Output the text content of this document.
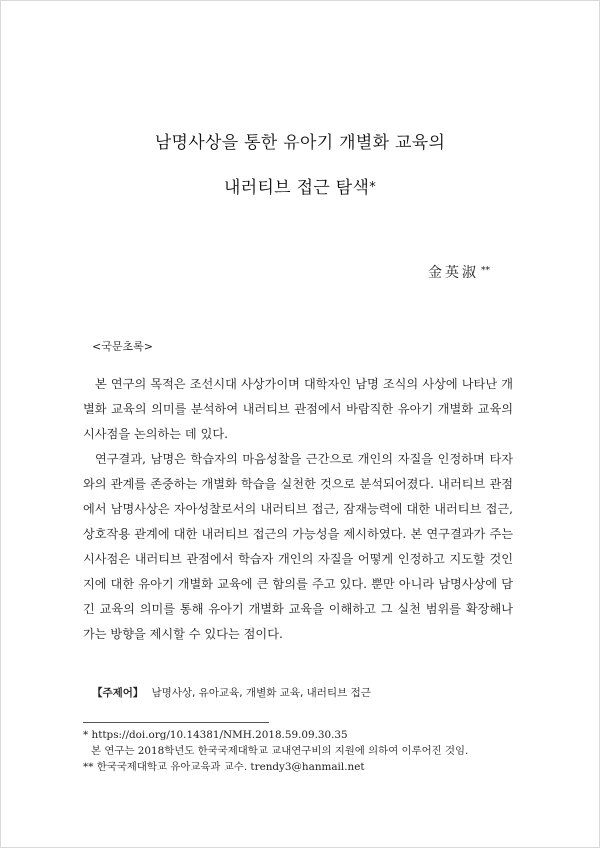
남명사상을 통한 유아기 개별화 교육의
내러티브 접근 탐색*
金英淑 **
<국문초록>

본 연구의 목적은 조선시대 사상가이며 대학자인 남명 조식의 사상에 나타난 개별화 교육의 의미를 분석하여 내러티브 관점에서 바람직한 유아기 개별화 교육의 시사점을 논의하는 데 있다.

연구결과, 남명은 학습자의 마음성찰을 근간으로 개인의 자질을 인정하며 타자와의 관계를 존중하는 개별화 학습을 실천한 것으로 분석되어졌다. 내러티브 관점에서 남명사상은 자아성찰로서의 내러티브 접근, 잠재능력에 대한 내러티브 접근, 상호작용 관계에 대한 내러티브 접근의 가능성을 제시하였다. 본 연구결과가 주는 시사점은 내러티브 관점에서 학습자 개인의 자질을 어떻게 인정하고 지도할 것인지에 대한 유아기 개별화 교육에 큰 함의를 주고 있다. 뿐만 아니라 남명사상에 담긴 교육의 의미를 통해 유아기 개별화 교육을 이해하고 그 실천 범위를 확장해나가는 방향을 제시할 수 있다는 점이다.

【주제어】 남명사상, 유아교육, 개별화 교육, 내러티브 접근
* https://doi.org/10.14381/NMH.2018.59.09.30.35
본 연구는 2018학년도 한국국제대학교 교내연구비의 지원에 의하여 이루어진 것임.
** 한국국제대학교 유아교육과 교수. trendy3@hanmail.net
